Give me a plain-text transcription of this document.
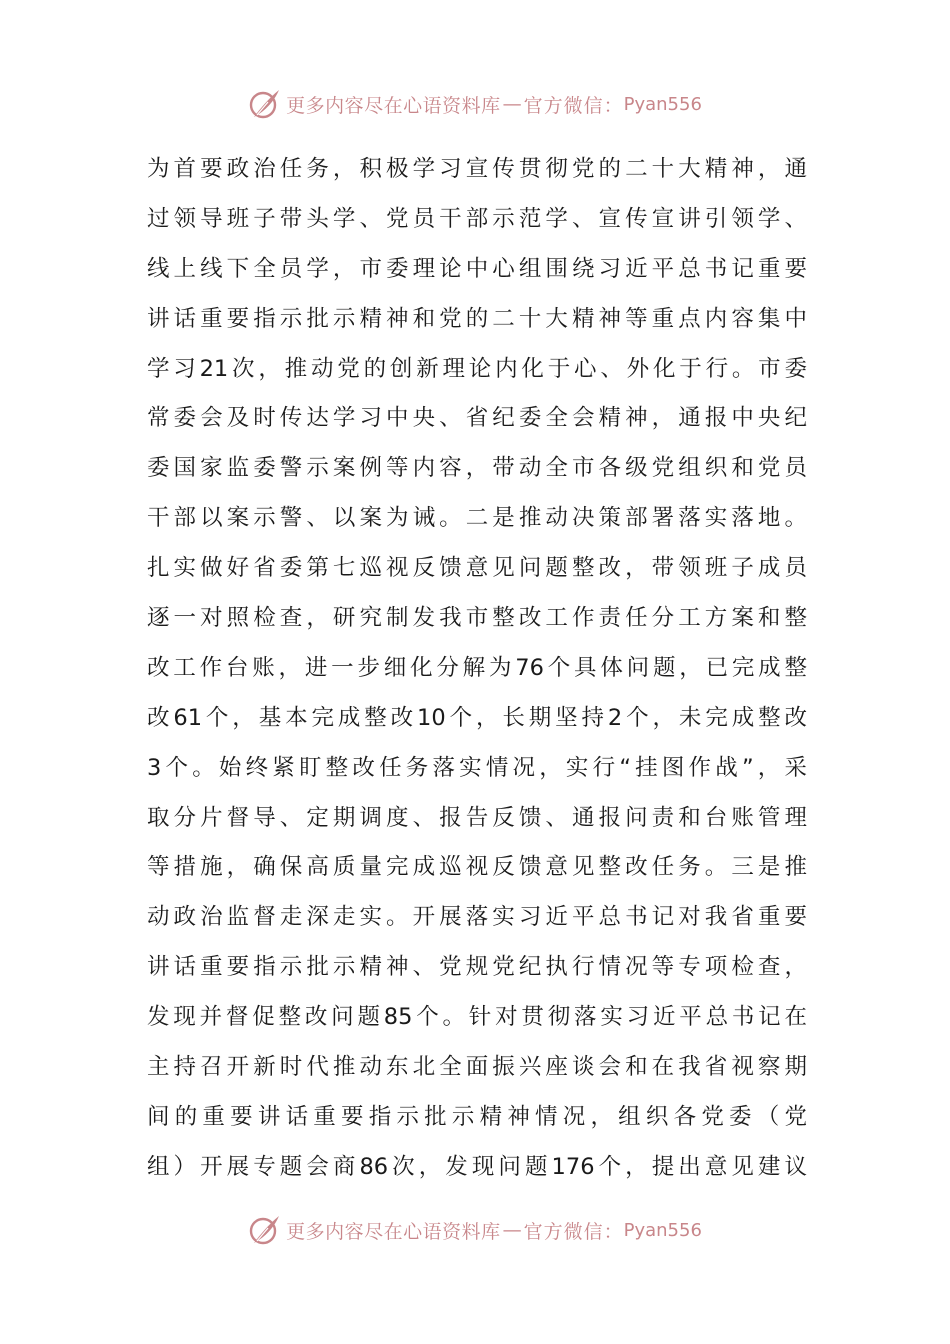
更多内容尽在心语资料库 — 官方微信： Pyan556
为首要政治任务，积极学习宣传贯彻党的二十大精神，通
过领导班子带头学、党员干部示范学、宣传宣讲引领学、
线上线下全员学，市委理论中心组围绕习近平总书记重要
讲话重要指示批示精神和党的二十大精神等重点内容集中
学习21次，推动党的创新理论内化于心、外化于行。市委
常委会及时传达学习中央、省纪委全会精神，通报中央纪
委国家监委警示案例等内容，带动全市各级党组织和党员
干部以案示警、以案为诫。二是推动决策部署落实落地。
扎实做好省委第七巡视反馈意见问题整改，带领班子成员
逐一对照检查，研究制发我市整改工作责任分工方案和整
改工作台账，进一步细化分解为76个具体问题，已完成整
改61个，基本完成整改10个，长期坚持2个，未完成整改
3个。始终紧盯整改任务落实情况，实行“挂图作战”，采
取分片督导、定期调度、报告反馈、通报问责和台账管理
等措施，确保高质量完成巡视反馈意见整改任务。三是推
动政治监督走深走实。开展落实习近平总书记对我省重要
讲话重要指示批示精神、党规党纪执行情况等专项检查，
发现并督促整改问题85个。针对贯彻落实习近平总书记在
主持召开新时代推动东北全面振兴座谈会和在我省视察期
间的重要讲话重要指示批示精神情况，组织各党委（党
组）开展专题会商86次，发现问题176个，提出意见建议
更多内容尽在心语资料库 — 官方微信： Pyan556
